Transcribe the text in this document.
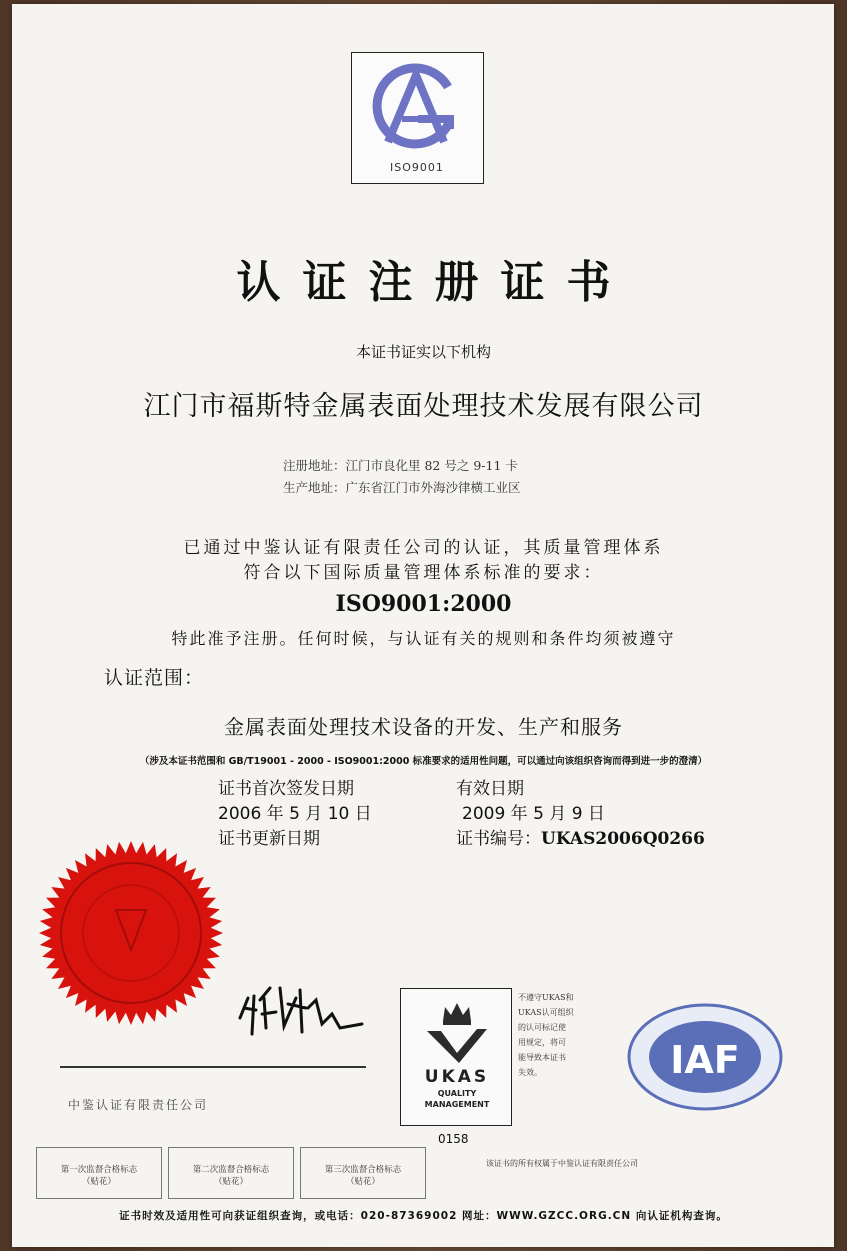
ISO9001
认证注册证书
本证书证实以下机构
江门市福斯特金属表面处理技术发展有限公司
注册地址：江门市良化里 82 号之 9-11 卡
生产地址：广东省江门市外海沙律横工业区
已通过中鉴认证有限责任公司的认证，其质量管理体系
符合以下国际质量管理体系标准的要求：
ISO9001:2000
特此准予注册。任何时候，与认证有关的规则和条件均须被遵守
认证范围：
金属表面处理技术设备的开发、生产和服务
（涉及本证书范围和 GB/T19001 - 2000 - ISO9001:2000 标准要求的适用性问题，可以通过向该组织咨询而得到进一步的澄清）
证书首次签发日期	有效日期
2006 年 5 月 10 日	2009 年 5 月 9 日
证书更新日期	证书编号：UKAS2006Q0266
中鉴认证有限责任公司
UKAS
QUALITY
MANAGEMENT
0158
不遵守UKAS和
UKAS认可组织
的认可标记使
用规定，将可
能导致本证书
失效。	IAF
第一次监督合格标志
（贴花）
第二次监督合格标志
（贴花）
第三次监督合格标志
（贴花）
该证书的所有权属于中鉴认证有限责任公司
证书时效及适用性可向获证组织查询，或电话：020-87369002 网址：WWW.GZCC.ORG.CN 向认证机构查询。
